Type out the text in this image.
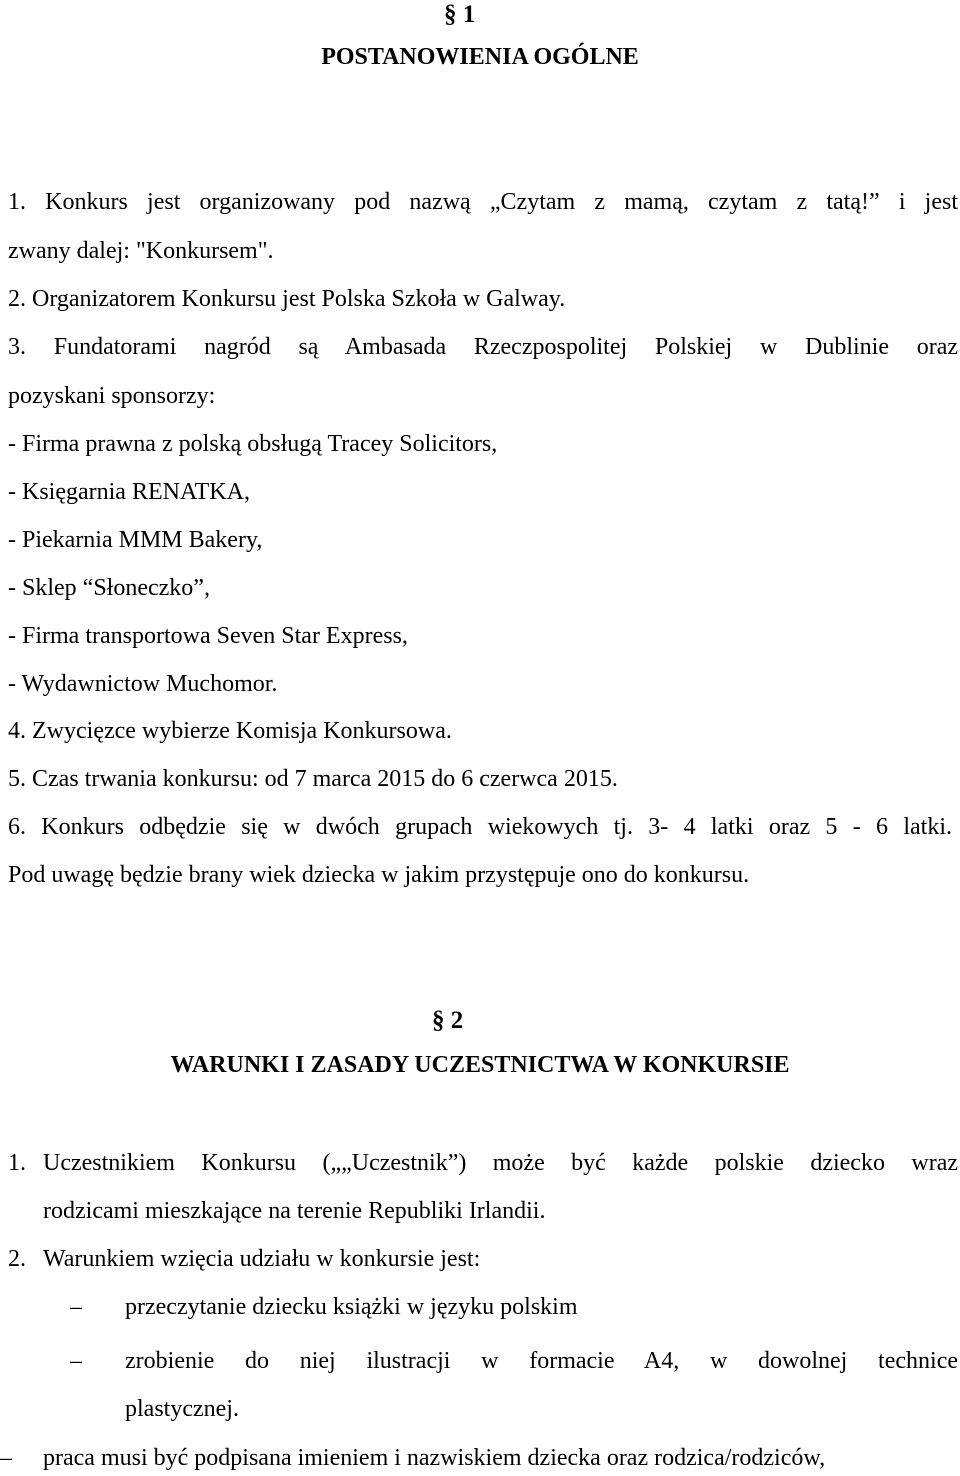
§ 1
POSTANOWIENIA OGÓLNE
1. Konkurs jest organizowany pod nazwą „Czytam z mamą, czytam z tatą!” i jest
zwany dalej: "Konkursem".
2. Organizatorem Konkursu jest Polska Szkoła w Galway.
3. Fundatorami nagród są Ambasada Rzeczpospolitej Polskiej w Dublinie oraz
pozyskani sponsorzy:
- Firma prawna z polską obsługą Tracey Solicitors,
- Księgarnia RENATKA,
- Piekarnia MMM Bakery,
- Sklep “Słoneczko”,
- Firma transportowa Seven Star Express,
- Wydawnictow Muchomor.
4. Zwycięzce wybierze Komisja Konkursowa.
5. Czas trwania konkursu: od 7 marca 2015 do 6 czerwca 2015.
6. Konkurs odbędzie się w dwóch grupach wiekowych tj. 3- 4 latki oraz 5 - 6 latki.
Pod uwagę będzie brany wiek dziecka w jakim przystępuje ono do konkursu.
§ 2
WARUNKI I ZASADY UCZESTNICTWA W KONKURSIE
1. Uczestnikiem Konkursu („„Uczestnik”) może być każde polskie dziecko wraz
rodzicami mieszkające na terenie Republiki Irlandii.
2. Warunkiem wzięcia udziału w konkursie jest:
– przeczytanie dziecku książki w języku polskim
– zrobienie do niej ilustracji w formacie A4, w dowolnej technice
plastycznej.
– praca musi być podpisana imieniem i nazwiskiem dziecka oraz rodzica/rodziców,
